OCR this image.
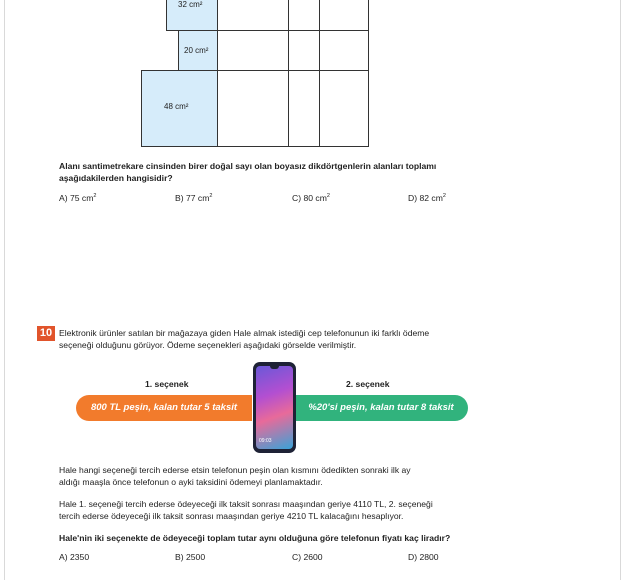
32 cm²
20 cm²
48 cm²
Alanı santimetrekare cinsinden birer doğal sayı olan boyasız dikdörtgenlerin alanları toplamı
aşağıdakilerden hangisidir?
A) 75 $cm^2$	B) 77 $cm^2$	C) 80 $cm^2$	D) 82 $cm^2$
10 Elektronik ürünler satılan bir mağazaya giden Hale almak istediği cep telefonunun iki farklı ödeme
seçeneği olduğunu görüyor. Ödeme seçenekleri aşağıdaki görselde verilmiştir.
1. seçenek	2. seçenek
800 TL peşin, kalan tutar 5 taksit	%20'si peşin, kalan tutar 8 taksit
09:03
Hale hangi seçeneği tercih ederse etsin telefonun peşin olan kısmını ödedikten sonraki ilk ay
aldığı maaşla önce telefonun o ayki taksidini ödemeyi planlamaktadır.
Hale 1. seçeneği tercih ederse ödeyeceği ilk taksit sonrası maaşından geriye 4110 TL, 2. seçeneği
tercih ederse ödeyeceği ilk taksit sonrası maaşından geriye 4210 TL kalacağını hesaplıyor.
Hale'nin iki seçenekte de ödeyeceği toplam tutar aynı olduğuna göre telefonun fiyatı kaç liradır?
A) 2350	B) 2500	C) 2600	D) 2800
